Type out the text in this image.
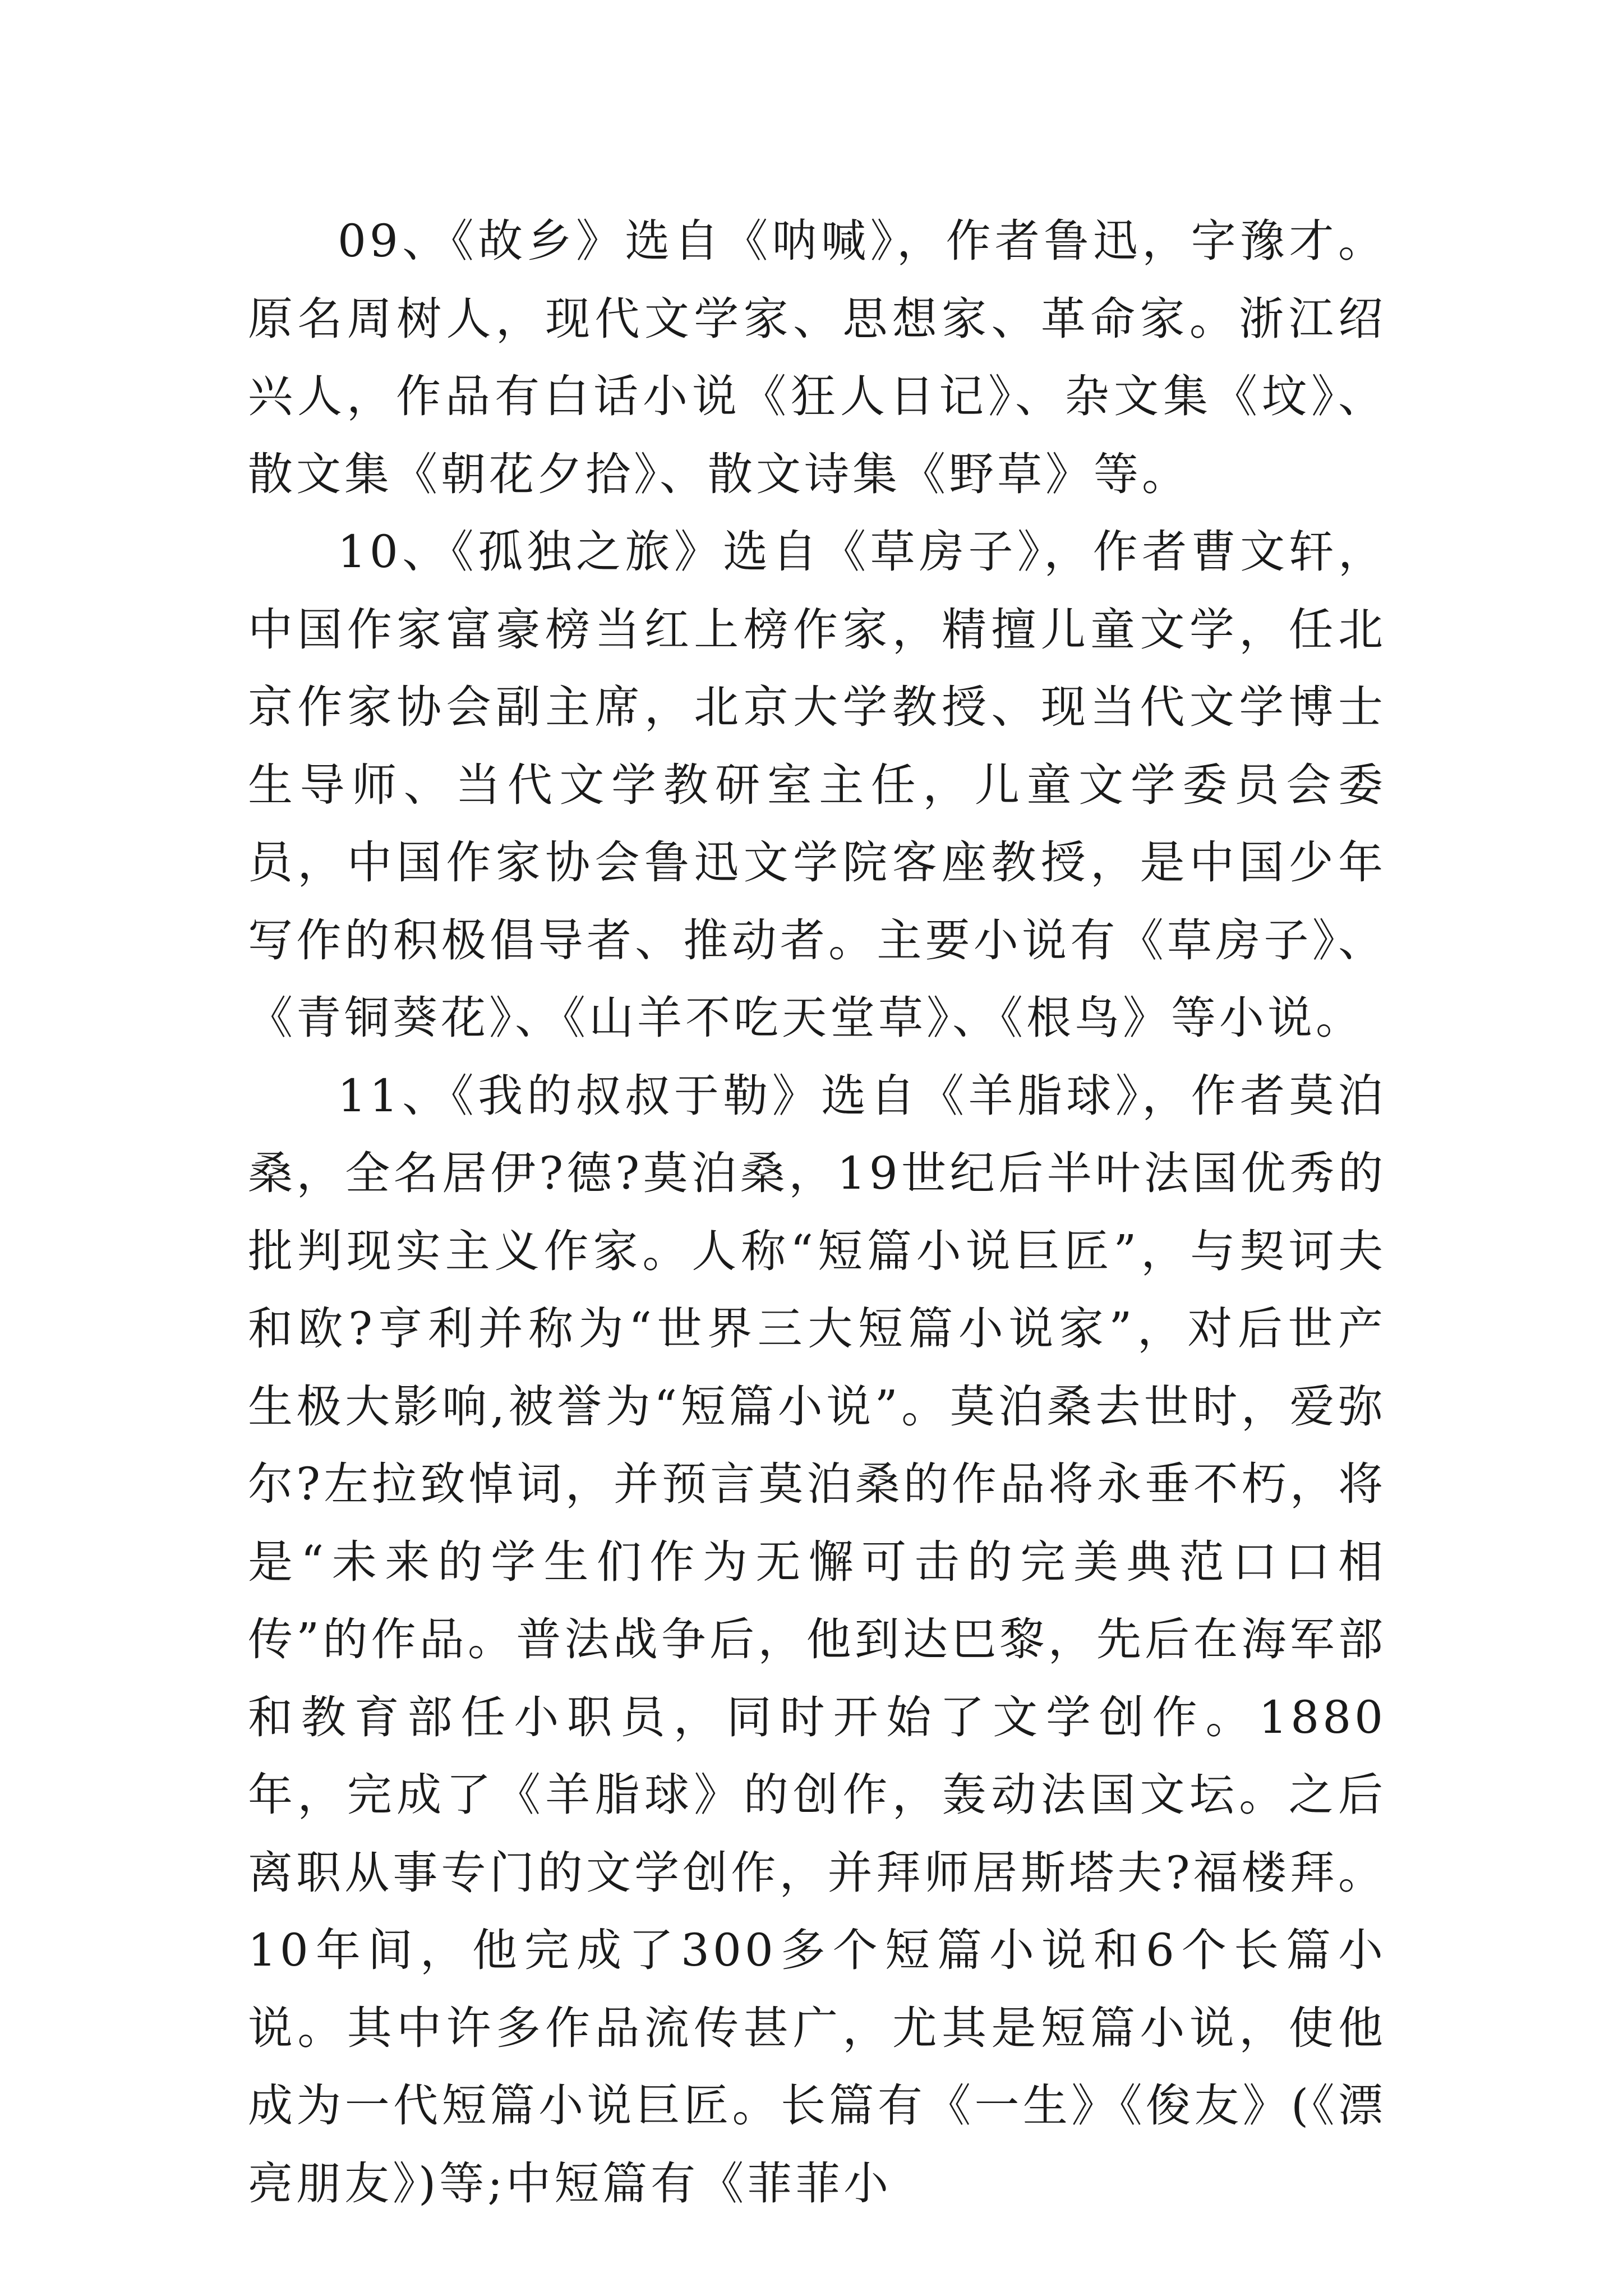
09、《故乡》选自《呐喊》，作者鲁迅，字豫才。原名周树人，现代文学家、思想家、革命家。浙江绍兴人，作品有白话小说《狂人日记》、杂文集《坟》、散文集《朝花夕拾》、散文诗集《野草》等。

10、《孤独之旅》选自《草房子》，作者曹文轩，中国作家富豪榜当红上榜作家，精擅儿童文学，任北京作家协会副主席，北京大学教授、现当代文学博士生导师、当代文学教研室主任，儿童文学委员会委员，中国作家协会鲁迅文学院客座教授，是中国少年写作的积极倡导者、推动者。主要小说有《草房子》、《青铜葵花》、《山羊不吃天堂草》、《根鸟》等小说。

11、《我的叔叔于勒》选自《羊脂球》，作者莫泊桑，全名居伊?德?莫泊桑，19世纪后半叶法国优秀的批判现实主义作家。人称“短篇小说巨匠”，与契诃夫和欧?亨利并称为“世界三大短篇小说家”，对后世产生极大影响,被誉为“短篇小说”。莫泊桑去世时，爱弥尔?左拉致悼词，并预言莫泊桑的作品将永垂不朽，将是“未来的学生们作为无懈可击的完美典范口口相传”的作品。普法战争后，他到达巴黎，先后在海军部和教育部任小职员，同时开始了文学创作。1880年，完成了《羊脂球》的创作，轰动法国文坛。之后离职从事专门的文学创作，并拜师居斯塔夫?福楼拜。10年间，他完成了300多个短篇小说和6个长篇小说。其中许多作品流传甚广，尤其是短篇小说，使他成为一代短篇小说巨匠。长篇有《一生》《俊友》(《漂亮朋友》)等;中短篇有《菲菲小
